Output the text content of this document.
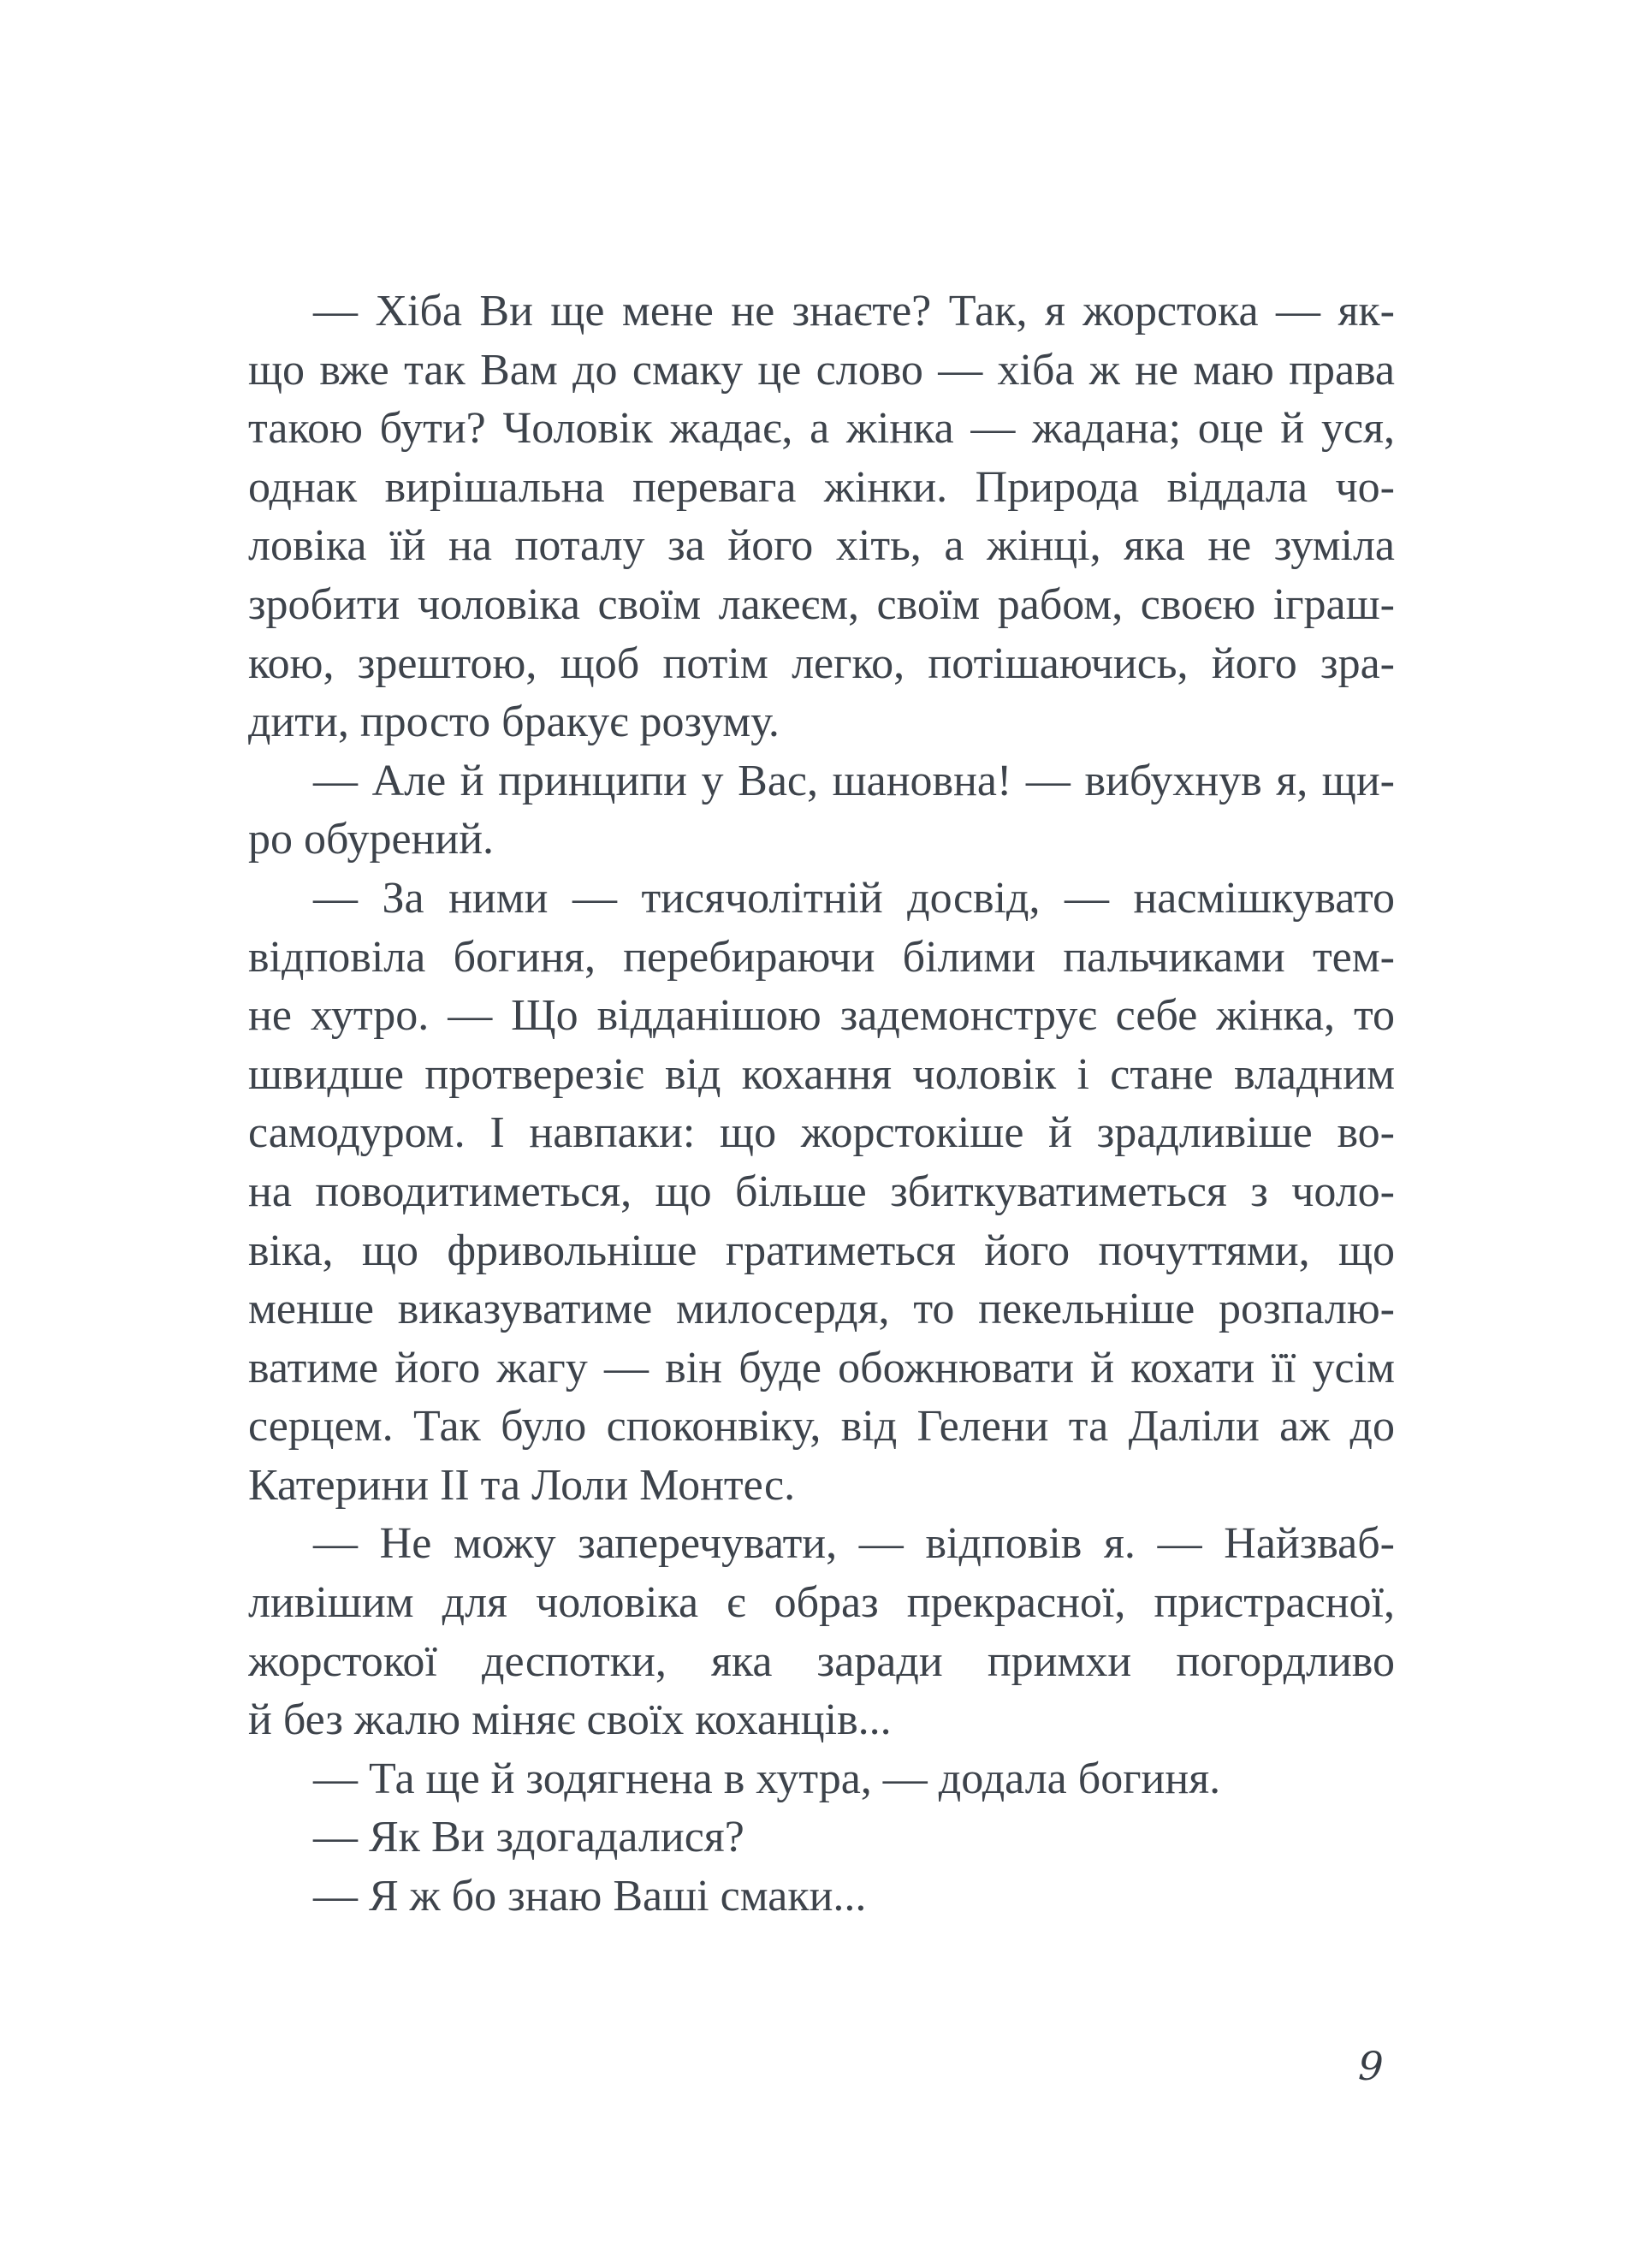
— Хіба Ви ще мене не знаєте? Так, я жорстока — як-
що вже так Вам до смаку це слово — хіба ж не маю права
такою бути? Чоловік жадає, а жінка — жадана; оце й уся,
однак вирішальна перевага жінки. Природа віддала чо-
ловіка їй на поталу за його хіть, а жінці, яка не зуміла
зробити чоловіка своїм лакеєм, своїм рабом, своєю іграш-
кою, зрештою, щоб потім легко, потішаючись, його зра-
дити, просто бракує розуму.
— Але й принципи у Вас, шановна! — вибухнув я, щи-
ро обурений.
— За ними — тисячолітній досвід, — насмішкувато
відповіла богиня, перебираючи білими пальчиками тем-
не хутро. — Що відданішою задемонструє себе жінка, то
швидше протверезіє від кохання чоловік і стане владним
самодуром. І навпаки: що жорстокіше й зрадливіше во-
на поводитиметься, що більше збиткуватиметься з чоло-
віка, що фривольніше гратиметься його почуттями, що
менше виказуватиме милосердя, то пекельніше розпалю-
ватиме його жагу — він буде обожнювати й кохати її усім
серцем. Так було споконвіку, від Гелени та Даліли аж до
Катерини ІІ та Лоли Монтес.
— Не можу заперечувати, — відповів я. — Найзваб-
ливішим для чоловіка є образ прекрасної, пристрасної,
жорстокої деспотки, яка заради примхи погордливо
й без жалю міняє своїх коханців...
— Та ще й зодягнена в хутра, — додала богиня.
— Як Ви здогадалися?
— Я ж бо знаю Ваші смаки...
9
